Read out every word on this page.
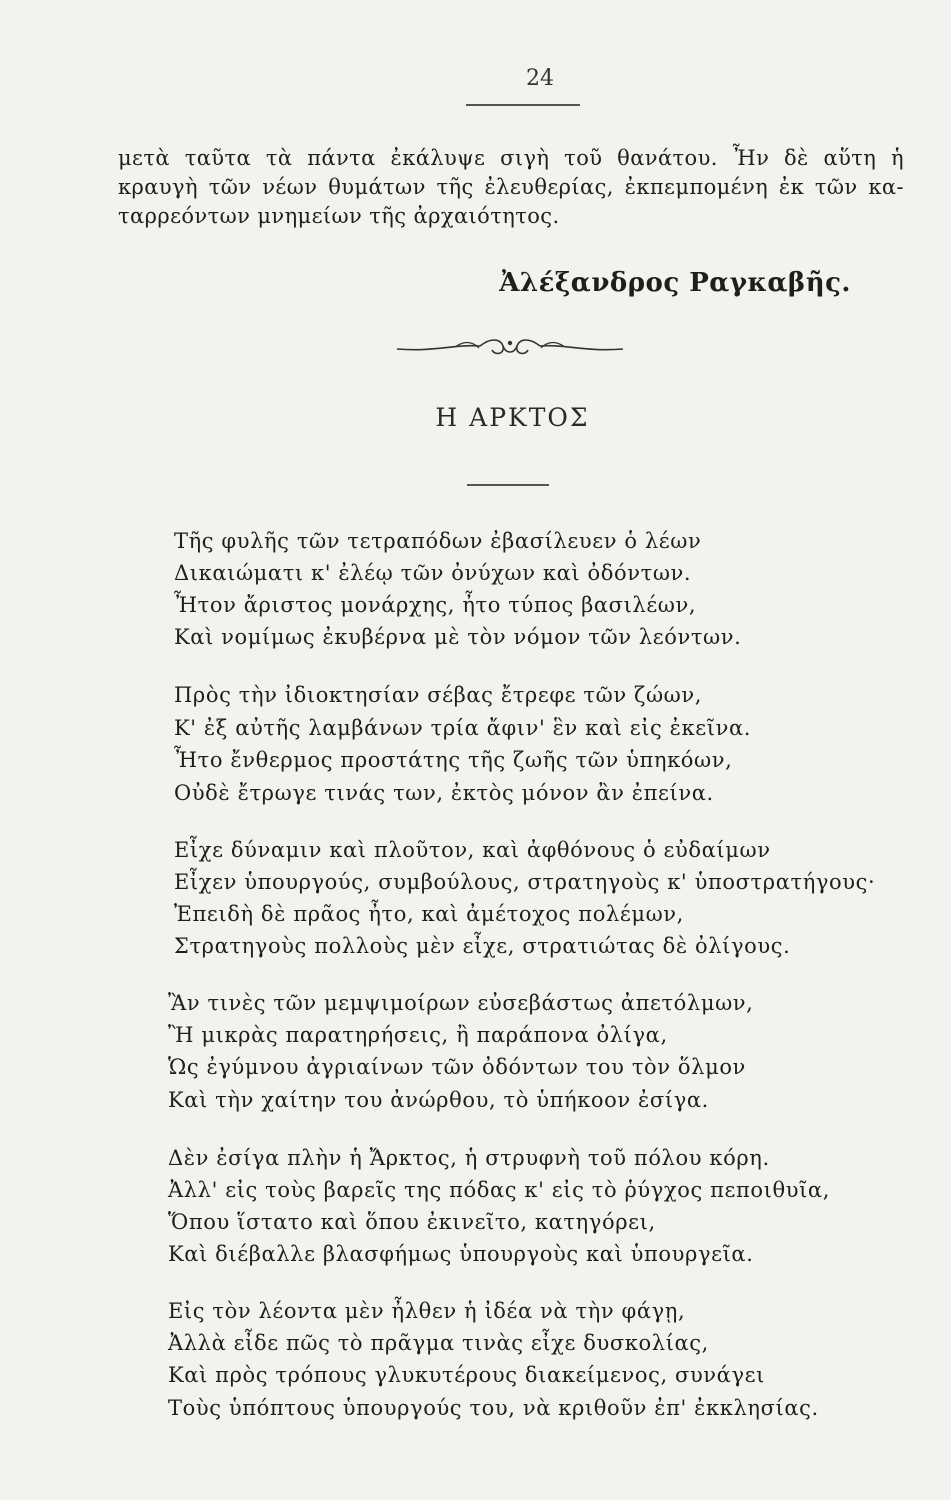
24
μετὰ ταῦτα τὰ πάντα ἐκάλυψε σιγὴ τοῦ θανάτου. Ἦν δὲ αὕτη ἡ
κραυγὴ τῶν νέων θυμάτων τῆς ἐλευθερίας, ἐκπεμπομένη ἐκ τῶν κα-
ταρρεόντων μνημείων τῆς ἀρχαιότητος.
Ἀλέξανδρος Ραγκαβῆς.
Η ΑΡΚΤΟΣ
Τῆς φυλῆς τῶν τετραπόδων ἐβασίλευεν ὁ λέων
Δικαιώματι κ' ἐλέῳ τῶν ὀνύχων καὶ ὀδόντων.
Ἦτον ἄριστος μονάρχης, ἦτο τύπος βασιλέων,
Καὶ νομίμως ἐκυβέρνα μὲ τὸν νόμον τῶν λεόντων.
Πρὸς τὴν ἰδιοκτησίαν σέβας ἔτρεφε τῶν ζώων,
Κ' ἐξ αὐτῆς λαμβάνων τρία ἄφιν' ἓν καὶ εἰς ἐκεῖνα.
Ἦτο ἔνθερμος προστάτης τῆς ζωῆς τῶν ὑπηκόων,
Οὐδὲ ἔτρωγε τινάς των, ἐκτὸς μόνον ἂν ἐπείνα.
Εἶχε δύναμιν καὶ πλοῦτον, καὶ ἀφθόνους ὁ εὐδαίμων
Εἶχεν ὑπουργούς, συμβούλους, στρατηγοὺς κ' ὑποστρατήγους·
Ἐπειδὴ δὲ πρᾶος ἦτο, καὶ ἀμέτοχος πολέμων,
Στρατηγοὺς πολλοὺς μὲν εἶχε, στρατιώτας δὲ ὀλίγους.
Ἂν τινὲς τῶν μεμψιμοίρων εὐσεβάστως ἀπετόλμων,
Ἢ μικρὰς παρατηρήσεις, ἢ παράπονα ὀλίγα,
Ὡς ἐγύμνου ἀγριαίνων τῶν ὀδόντων του τὸν ὅλμον
Καὶ τὴν χαίτην του ἀνώρθου, τὸ ὑπήκοον ἐσίγα.
Δὲν ἐσίγα πλὴν ἡ Ἄρκτος, ἡ στρυφνὴ τοῦ πόλου κόρη.
Ἀλλ' εἰς τοὺς βαρεῖς της πόδας κ' εἰς τὸ ῥύγχος πεποιθυῖα,
Ὅπου ἵστατο καὶ ὅπου ἐκινεῖτο, κατηγόρει,
Καὶ διέβαλλε βλασφήμως ὑπουργοὺς καὶ ὑπουργεῖα.
Εἰς τὸν λέοντα μὲν ἦλθεν ἡ ἰδέα νὰ τὴν φάγῃ,
Ἀλλὰ εἶδε πῶς τὸ πρᾶγμα τινὰς εἶχε δυσκολίας,
Καὶ πρὸς τρόπους γλυκυτέρους διακείμενος, συνάγει
Τοὺς ὑπόπτους ὑπουργούς του, νὰ κριθοῦν ἐπ' ἐκκλησίας.
